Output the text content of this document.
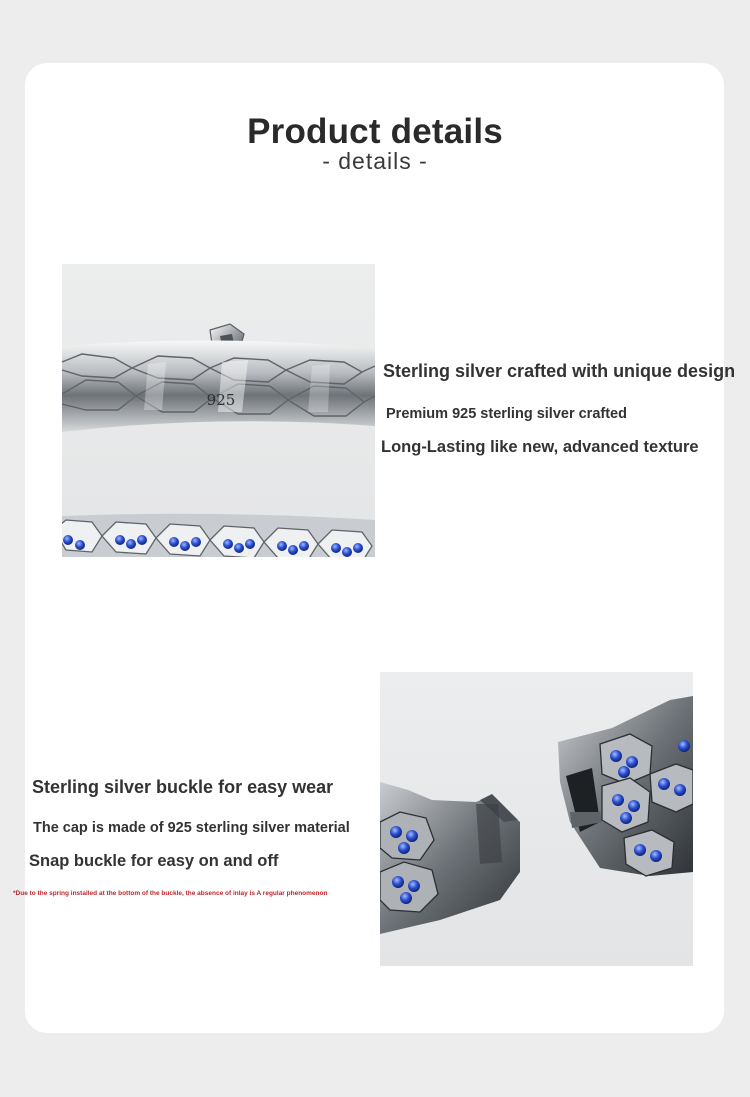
Product details
- details -
925
Sterling silver crafted with unique design
Premium 925 sterling silver crafted
Long-Lasting like new, advanced texture
Sterling silver buckle for easy wear
The cap is made of 925 sterling silver material
Snap buckle for easy on and off
*Due to the spring installed at the bottom of the buckle, the absence of inlay is A regular phenomenon
